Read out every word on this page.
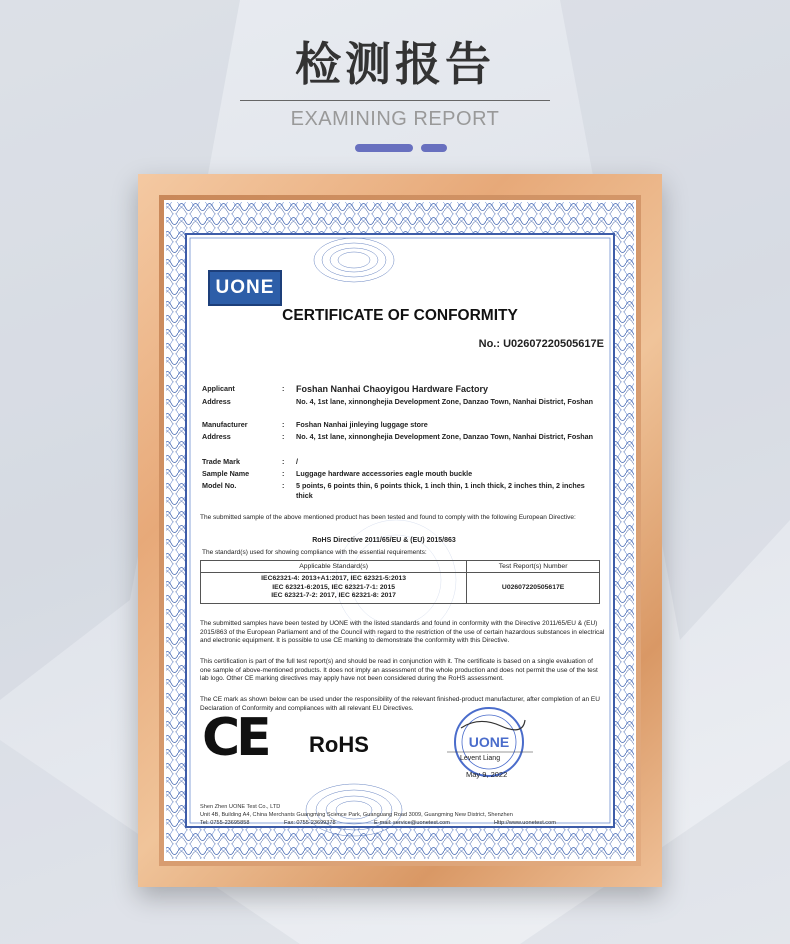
检测报告
EXAMINING REPORT
UONE
CERTIFICATE OF CONFORMITY
No.: U02607220505617E
Applicant	: Foshan Nanhai Chaoyigou Hardware Factory
Address	No. 4, 1st lane, xinnonghejia Development Zone, Danzao Town, Nanhai District, Foshan
Manufacturer	: Foshan Nanhai jinleying luggage store
Address	: No. 4, 1st lane, xinnonghejia Development Zone, Danzao Town, Nanhai District, Foshan
Trade Mark	: /
Sample Name	: Luggage hardware accessories eagle mouth buckle
Model No.	: 5 points, 6 points thin, 6 points thick, 1 inch thin, 1 inch thick, 2 inches thin, 2 inches thick
The submitted sample of the above mentioned product has been tested and found to comply with the following European Directive:
RoHS Directive 2011/65/EU & (EU) 2015/863
The standard(s) used for showing compliance with the essential requirements:
Applicable Standard(s)	Test Report(s) Number

IEC62321-4: 2013+A1:2017, IEC 62321-5:2013
IEC 62321-6:2015, IEC 62321-7-1: 2015
IEC 62321-7-2: 2017, IEC 62321-8: 2017	U02607220505617E
The submitted samples have been tested by UONE with the listed standards and found in conformity with the Directive 2011/65/EU & (EU) 2015/863 of the European Parliament and of the Council with regard to the restriction of the use of certain hazardous substances in electrical and electronic equipment. It is possible to use CE marking to demonstrate the conformity with this Directive.
This certification is part of the full test report(s) and should be read in conjunction with it. The certificate is based on a single evaluation of one sample of above-mentioned products. It does not imply an assessment of the whole production and does not permit the use of the test lab logo. Other CE marking directives may apply have not been considered during the RoHS assessment.
The CE mark as shown below can be used under the responsibility of the relevant finished-product manufacturer, after completion of an EU Declaration of Conformity and compliances with all relevant EU Directives.
CE RoHS	UONE
Levent Liang
May 9, 2022
Shen Zhen UONE Test Co., LTD
Unit 4B, Building A4, China Merchants Guangming Science Park, Guanguang Road 3009, Guangming New District, Shenzhen
Tel: 0755-23695858	Fax: 0755-23699378	E-mail: service@uonetest.com	Http://www.uonetest.com
